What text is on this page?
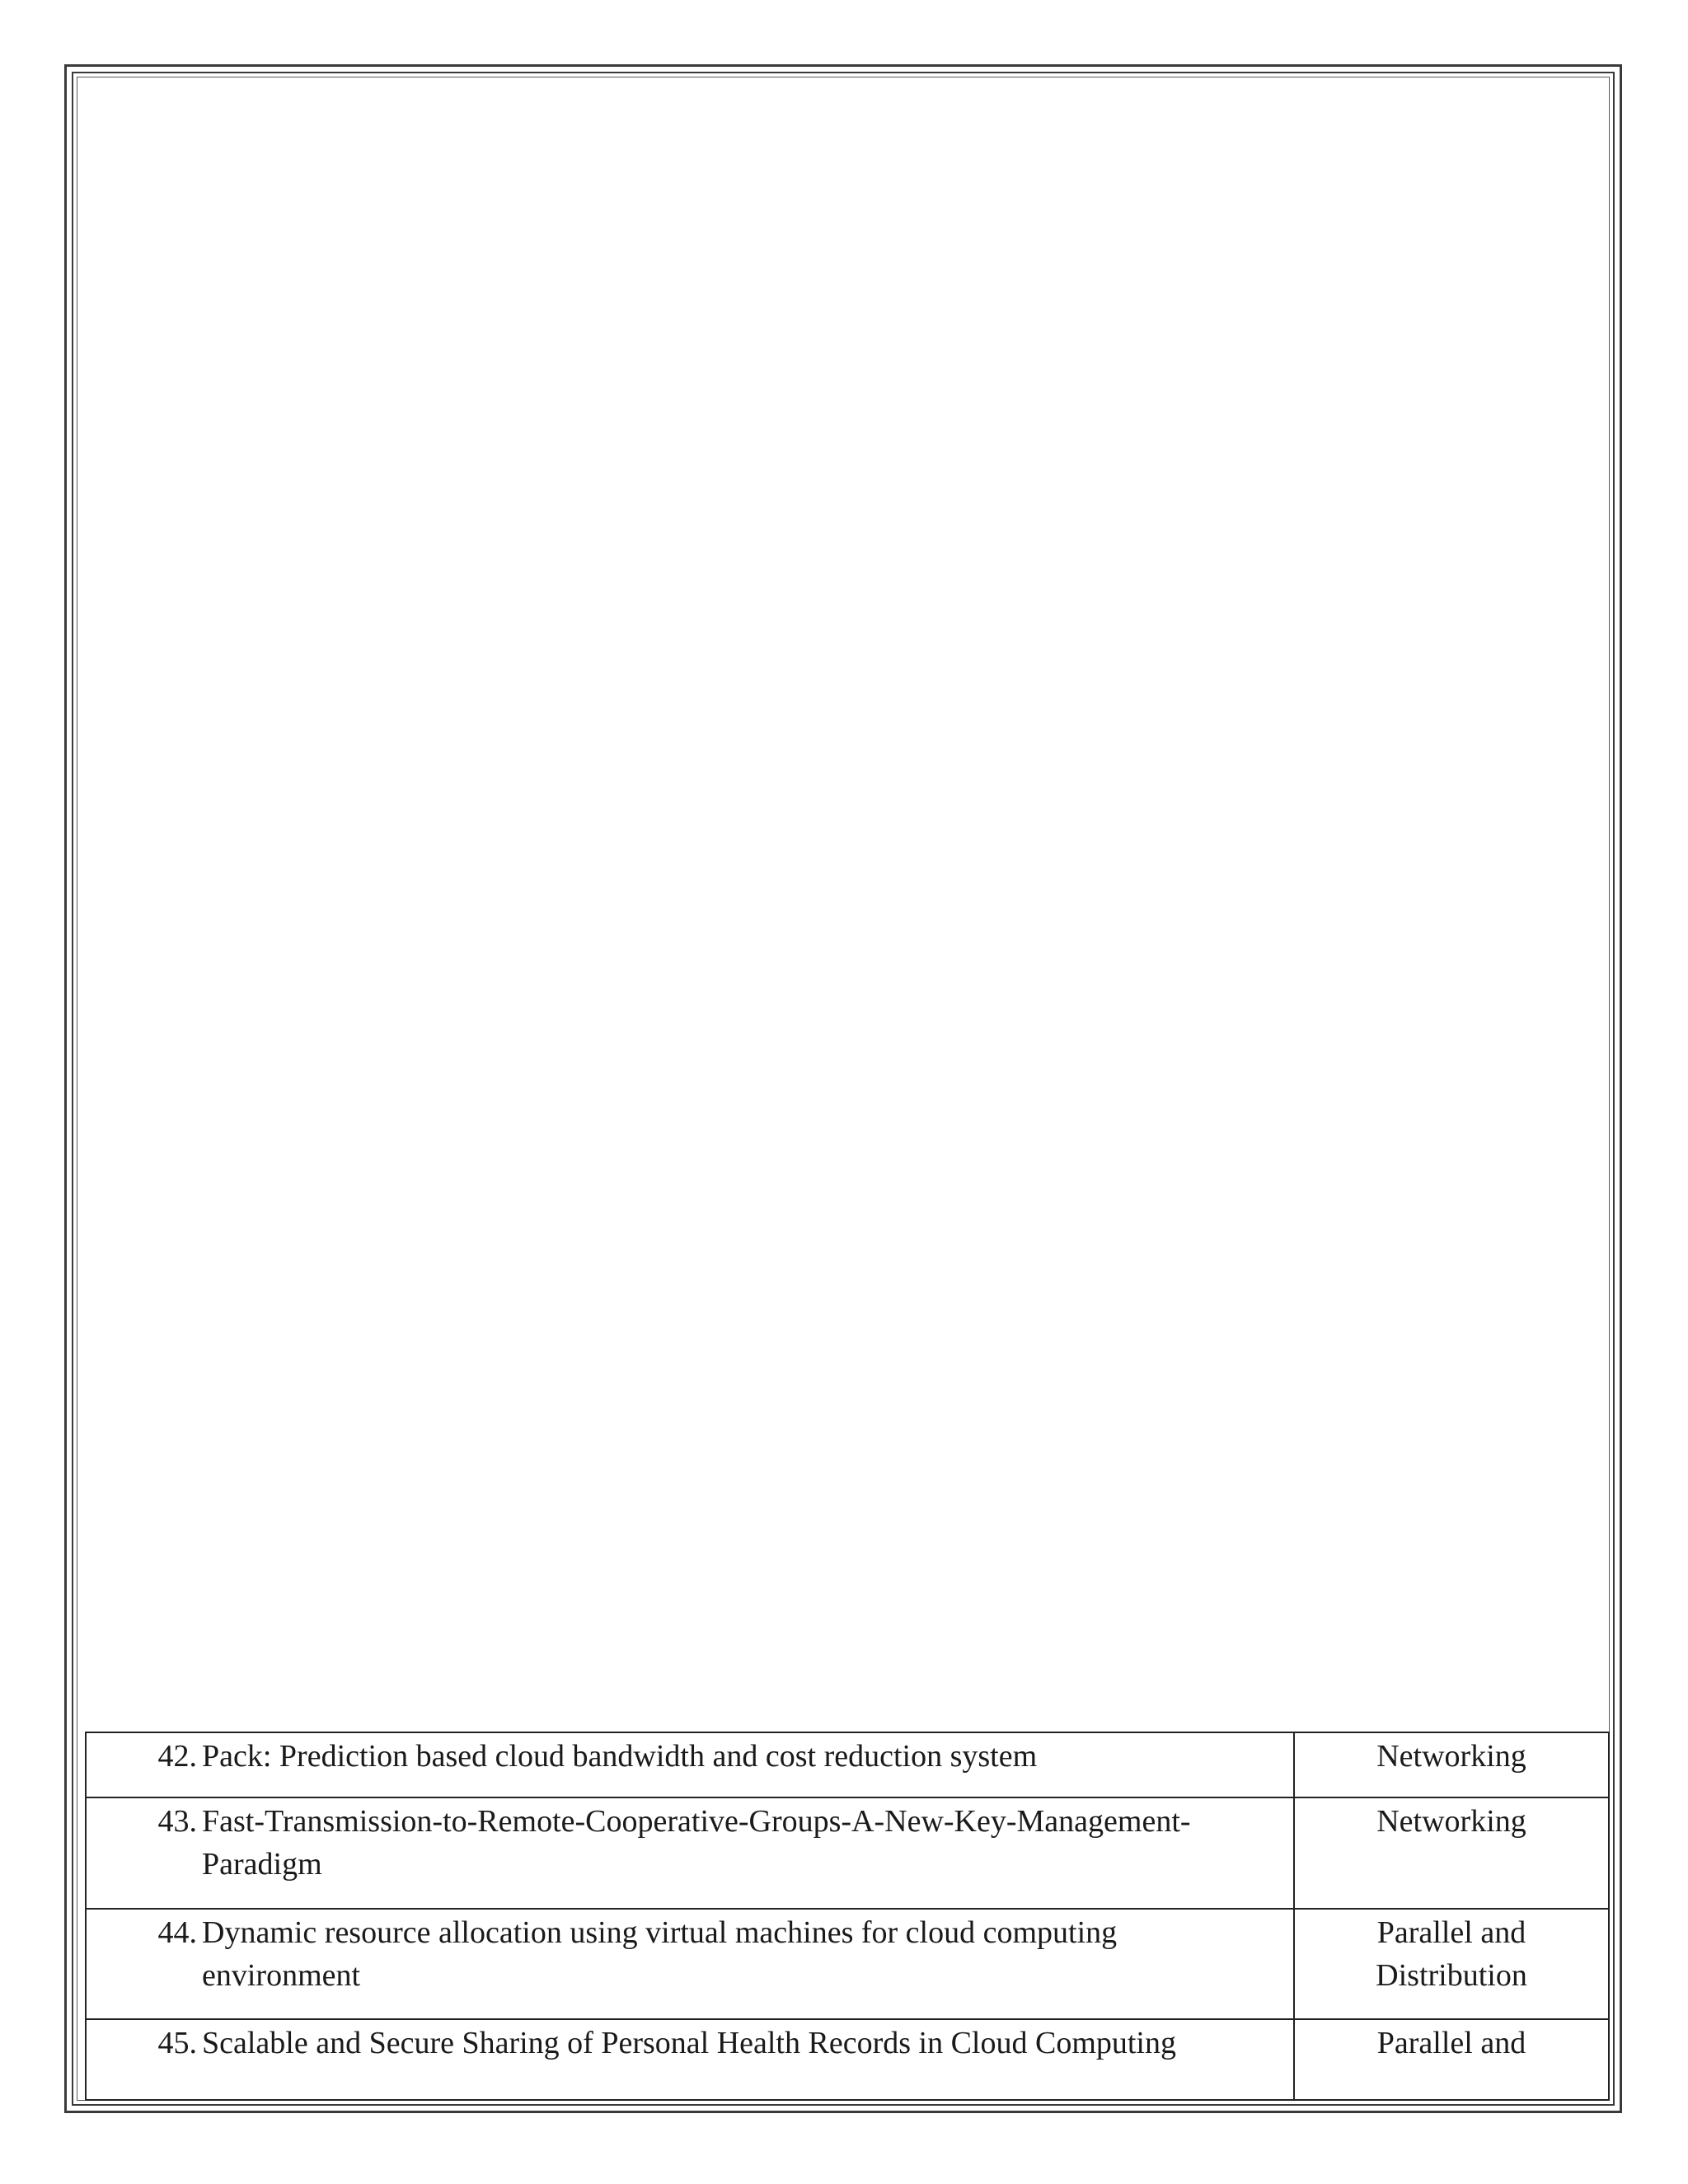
42. Pack: Prediction based cloud bandwidth and cost reduction system	Networking

43. Fast-Transmission-to-Remote-Cooperative-Groups-A-New-Key-Management-
Paradigm	Networking

44. Dynamic resource allocation using virtual machines for cloud computing
environment	Parallel and
Distribution

45. Scalable and Secure Sharing of Personal Health Records in Cloud Computing	Parallel and
